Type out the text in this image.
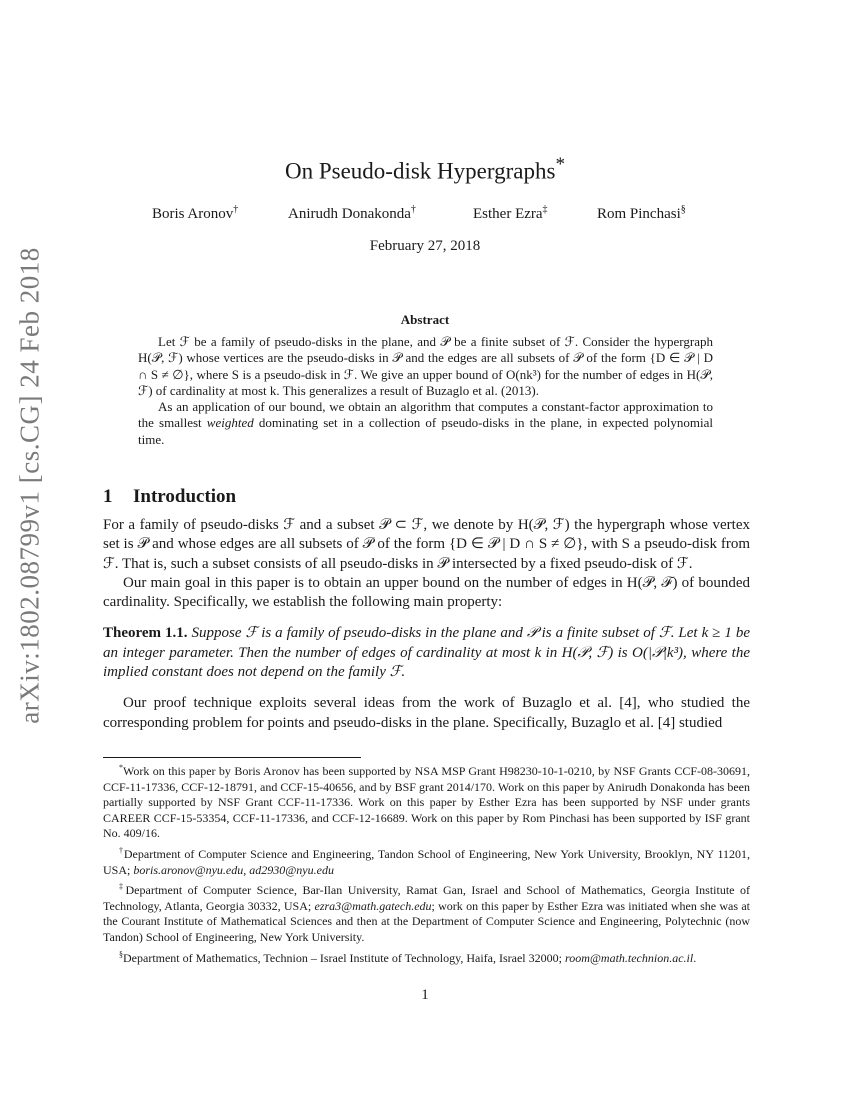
arXiv:1802.08799v1 [cs.CG] 24 Feb 2018
On Pseudo-disk Hypergraphs*
Boris Aronov†	Anirudh Donakonda†	Esther Ezra‡	Rom Pinchasi§
February 27, 2018
Abstract

Let ℱ be a family of pseudo-disks in the plane, and 𝒫 be a finite subset of ℱ. Consider the hypergraph H(𝒫, ℱ) whose vertices are the pseudo-disks in 𝒫 and the edges are all subsets of 𝒫 of the form {D ∈ 𝒫 | D ∩ S ≠ ∅}, where S is a pseudo-disk in ℱ. We give an upper bound of O(nk³) for the number of edges in H(𝒫, ℱ) of cardinality at most k. This generalizes a result of Buzaglo et al. (2013).

As an application of our bound, we obtain an algorithm that computes a constant-factor approximation to the smallest weighted dominating set in a collection of pseudo-disks in the plane, in expected polynomial time.

1 Introduction

For a family of pseudo-disks ℱ and a subset 𝒫 ⊂ ℱ, we denote by H(𝒫, ℱ) the hypergraph whose vertex set is 𝒫 and whose edges are all subsets of 𝒫 of the form {D ∈ 𝒫 | D ∩ S ≠ ∅}, with S a pseudo-disk from ℱ. That is, such a subset consists of all pseudo-disks in 𝒫 intersected by a fixed pseudo-disk of ℱ.

Our main goal in this paper is to obtain an upper bound on the number of edges in H(𝒫, ℱ) of bounded cardinality. Specifically, we establish the following main property:

Theorem 1.1. Suppose ℱ is a family of pseudo-disks in the plane and 𝒫 is a finite subset of ℱ. Let k ≥ 1 be an integer parameter. Then the number of edges of cardinality at most k in H(𝒫, ℱ) is O(|𝒫|k³), where the implied constant does not depend on the family ℱ.

Our proof technique exploits several ideas from the work of Buzaglo et al. [4], who studied the corresponding problem for points and pseudo-disks in the plane. Specifically, Buzaglo et al. [4] studied

*Work on this paper by Boris Aronov has been supported by NSA MSP Grant H98230-10-1-0210, by NSF Grants CCF-08-30691, CCF-11-17336, CCF-12-18791, and CCF-15-40656, and by BSF grant 2014/170. Work on this paper by Anirudh Donakonda has been partially supported by NSF Grant CCF-11-17336. Work on this paper by Esther Ezra has been supported by NSF under grants CAREER CCF-15-53354, CCF-11-17336, and CCF-12-16689. Work on this paper by Rom Pinchasi has been supported by ISF grant No. 409/16.

†Department of Computer Science and Engineering, Tandon School of Engineering, New York University, Brooklyn, NY 11201, USA; boris.aronov@nyu.edu, ad2930@nyu.edu

‡Department of Computer Science, Bar-Ilan University, Ramat Gan, Israel and School of Mathematics, Georgia Institute of Technology, Atlanta, Georgia 30332, USA; ezra3@math.gatech.edu; work on this paper by Esther Ezra was initiated when she was at the Courant Institute of Mathematical Sciences and then at the Department of Computer Science and Engineering, Polytechnic (now Tandon) School of Engineering, New York University.

§Department of Mathematics, Technion – Israel Institute of Technology, Haifa, Israel 32000; room@math.technion.ac.il.

1
